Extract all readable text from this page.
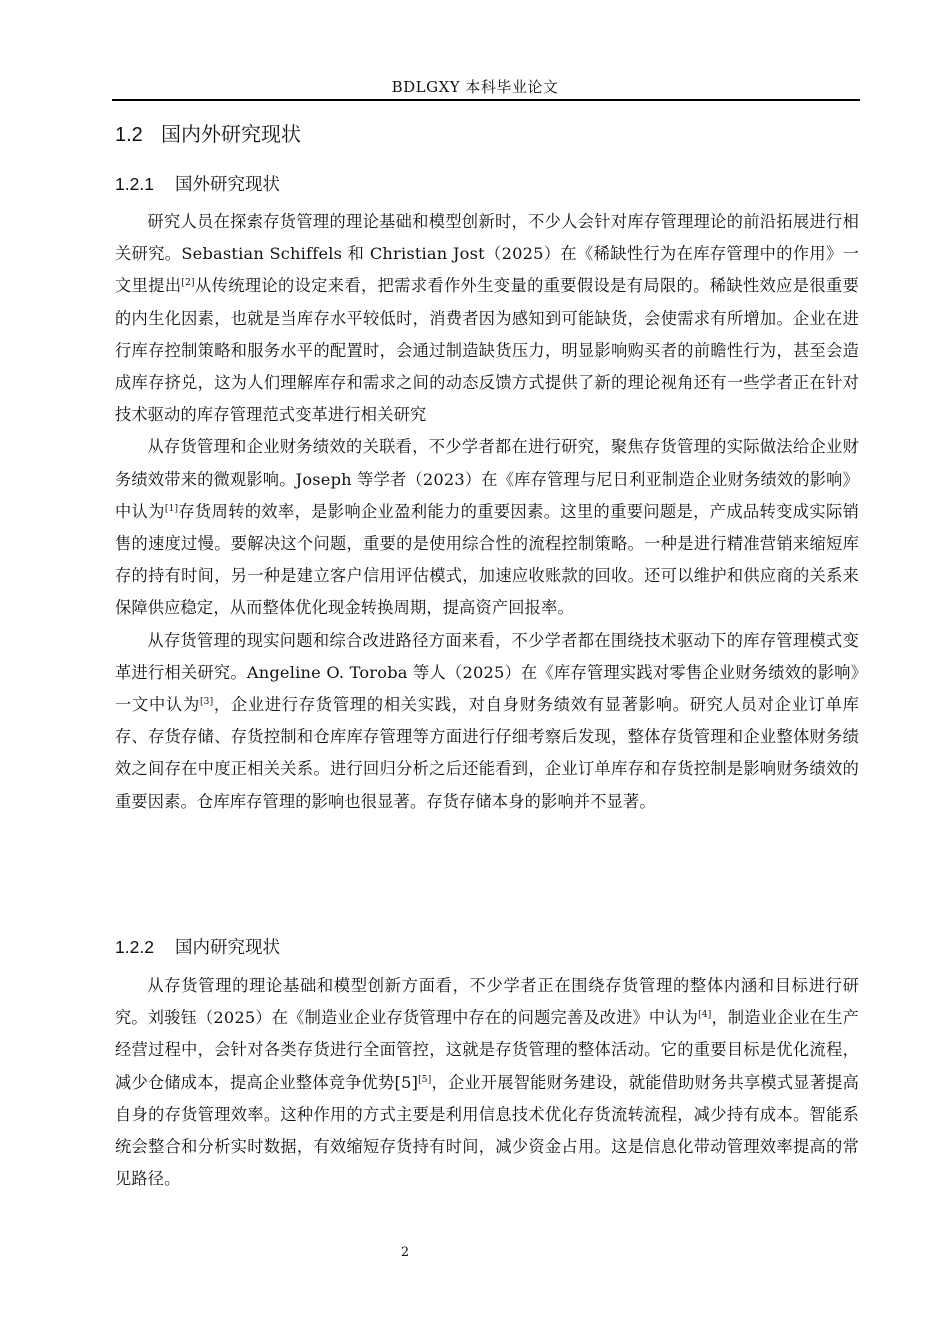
BDLGXY 本科毕业论文
1.2 国内外研究现状
1.2.1 国外研究现状

研究人员在探索存货管理的理论基础和模型创新时，不少人会针对库存管理理论的前沿拓展进行相关研究。Sebastian Schiffels 和 Christian Jost（2025）在《稀缺性行为在库存管理中的作用》一文里提出[2]从传统理论的设定来看，把需求看作外生变量的重要假设是有局限的。稀缺性效应是很重要的内生化因素，也就是当库存水平较低时，消费者因为感知到可能缺货，会使需求有所增加。企业在进行库存控制策略和服务水平的配置时，会通过制造缺货压力，明显影响购买者的前瞻性行为，甚至会造成库存挤兑，这为人们理解库存和需求之间的动态反馈方式提供了新的理论视角还有一些学者正在针对技术驱动的库存管理范式变革进行相关研究

从存货管理和企业财务绩效的关联看，不少学者都在进行研究，聚焦存货管理的实际做法给企业财务绩效带来的微观影响。Joseph 等学者（2023）在《库存管理与尼日利亚制造企业财务绩效的影响》中认为[1]存货周转的效率，是影响企业盈利能力的重要因素。这里的重要问题是，产成品转变成实际销售的速度过慢。要解决这个问题，重要的是使用综合性的流程控制策略。一种是进行精准营销来缩短库存的持有时间，另一种是建立客户信用评估模式，加速应收账款的回收。还可以维护和供应商的关系来保障供应稳定，从而整体优化现金转换周期，提高资产回报率。

从存货管理的现实问题和综合改进路径方面来看，不少学者都在围绕技术驱动下的库存管理模式变革进行相关研究。Angeline O. Toroba 等人（2025）在《库存管理实践对零售企业财务绩效的影响》一文中认为[3]，企业进行存货管理的相关实践，对自身财务绩效有显著影响。研究人员对企业订单库存、存货存储、存货控制和仓库库存管理等方面进行仔细考察后发现，整体存货管理和企业整体财务绩效之间存在中度正相关关系。进行回归分析之后还能看到，企业订单库存和存货控制是影响财务绩效的重要因素。仓库库存管理的影响也很显著。存货存储本身的影响并不显著。

1.2.2 国内研究现状

从存货管理的理论基础和模型创新方面看，不少学者正在围绕存货管理的整体内涵和目标进行研究。刘骏钰（2025）在《制造业企业存货管理中存在的问题完善及改进》中认为[4]，制造业企业在生产经营过程中，会针对各类存货进行全面管控，这就是存货管理的整体活动。它的重要目标是优化流程，减少仓储成本，提高企业整体竞争优势[5][5]，企业开展智能财务建设，就能借助财务共享模式显著提高自身的存货管理效率。这种作用的方式主要是利用信息技术优化存货流转流程，减少持有成本。智能系统会整合和分析实时数据，有效缩短存货持有时间，减少资金占用。这是信息化带动管理效率提高的常见路径。

2
